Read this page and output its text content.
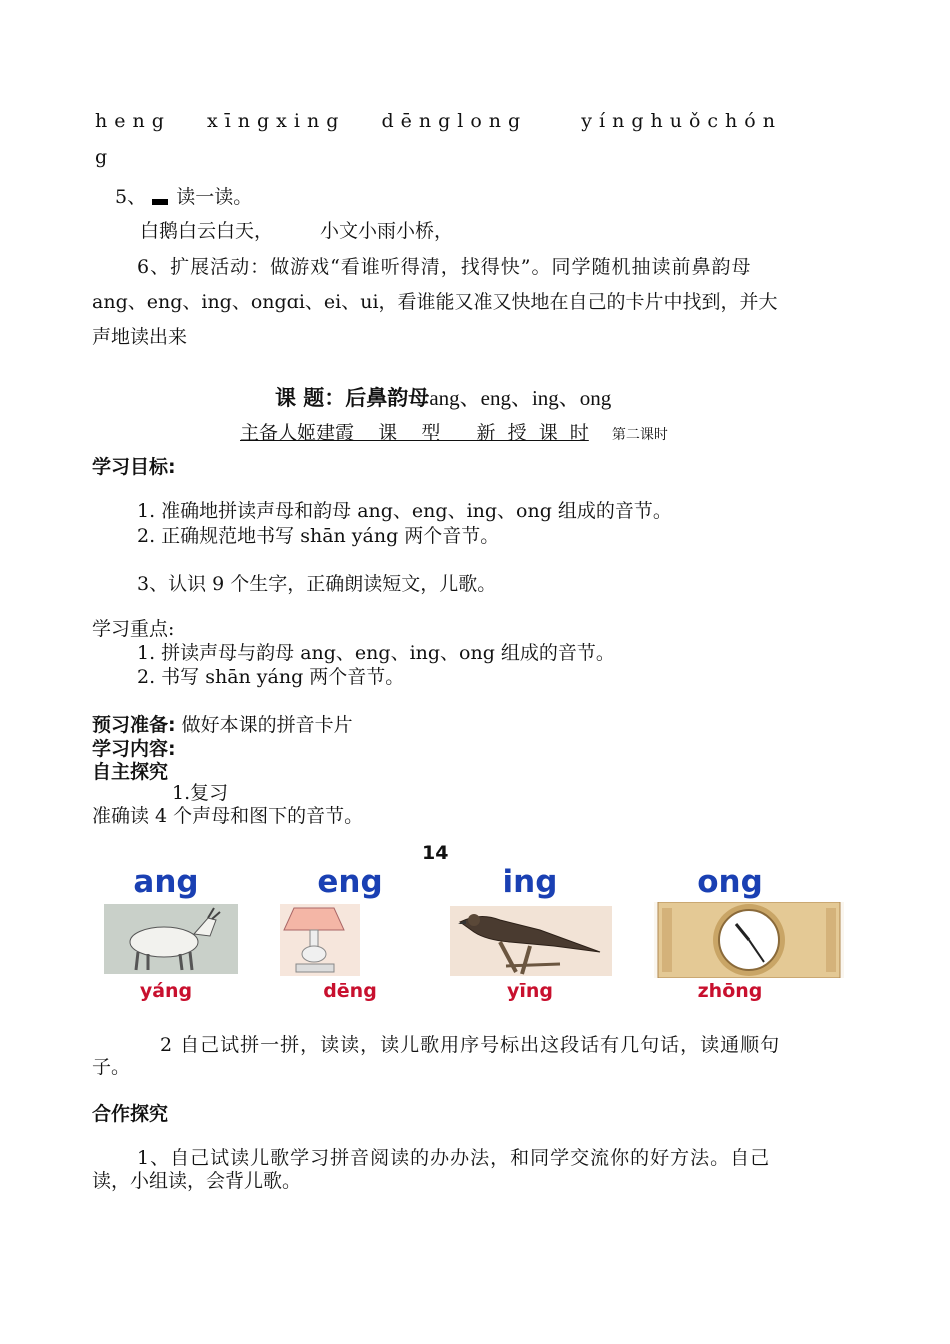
heng xīngxing dēnglong	yínghuǒchón
g
5、 读一读。
白鹅白云白天， 小文小雨小桥，
6、扩展活动：做游戏“看谁听得清，找得快”。同学随机抽读前鼻韵母
ang、eng、ing、ongɑi、ei、ui，看谁能又准又快地在自己的卡片中找到，并大
声地读出来
课 题：后鼻韵母ang、eng、ing、ong
主备人姬建霞    课    型      新  授  课  时 第二课时
学习目标:
1. 准确地拼读声母和韵母 ang、eng、ing、ong 组成的音节。
2. 正确规范地书写 shān yáng 两个音节。
3、认识 9 个生字，正确朗读短文，儿歌。
学习重点:
1. 拼读声母与韵母 ang、eng、ing、ong 组成的音节。
2. 书写 shān yáng 两个音节。
预习准备: 做好本课的拼音卡片
学习内容:
自主探究
1.复习
准确读 4 个声母和图下的音节。
14
ang
yáng
eng
dēng
ing
yīng
ong
zhōng
2 自己试拼一拼，读读，读儿歌用序号标出这段话有几句话，读通顺句
子。
合作探究
1、自己试读儿歌学习拼音阅读的办办法，和同学交流你的好方法。自己
读，小组读，会背儿歌。
